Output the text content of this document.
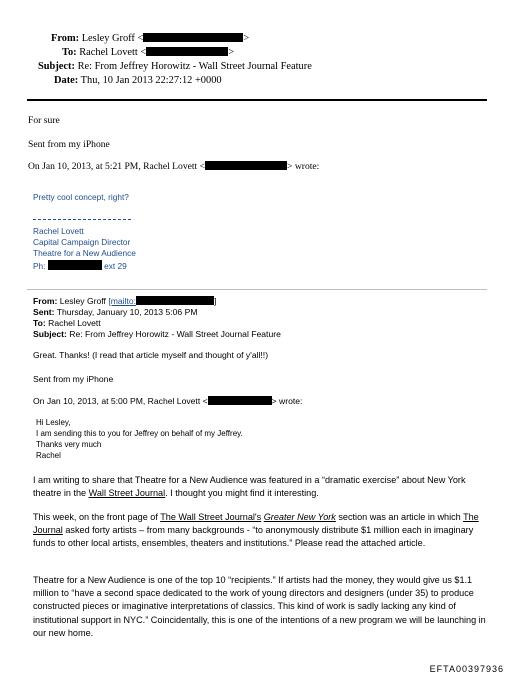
From: Lesley Groff <	>
To: Rachel Lovett <	>
Subject: Re: From Jeffrey Horowitz - Wall Street Journal Feature
Date: Thu, 10 Jan 2013 22:27:12 +0000
For sure
Sent from my iPhone
On Jan 10, 2013, at 5:21 PM, Rachel Lovett <	> wrote:
Pretty cool concept, right?
Rachel Lovett
Capital Campaign Director
Theatre for a New Audience
Ph:	ext 29
From: Lesley Groff [mailto:	]
Sent: Thursday, January 10, 2013 5:06 PM
To: Rachel Lovett
Subject: Re: From Jeffrey Horowitz - Wall Street Journal Feature
Great. Thanks! (I read that article myself and thought of y'all!!)
Sent from my iPhone
On Jan 10, 2013, at 5:00 PM, Rachel Lovett <	> wrote:
Hi Lesley,
I am sending this to you for Jeffrey on behalf of my Jeffrey.
Thanks very much
Rachel
I am writing to share that Theatre for a New Audience was featured in a “dramatic exercise” about New York theatre in the Wall Street Journal. I thought you might find it interesting.
This week, on the front page of The Wall Street Journal's Greater New York section was an article in which The Journal asked forty artists – from many backgrounds - “to anonymously distribute $1 million each in imaginary funds to other local artists, ensembles, theaters and institutions.” Please read the attached article.
Theatre for a New Audience is one of the top 10 “recipients.” If artists had the money, they would give us $1.1 million to “have a second space dedicated to the work of young directors and designers (under 35) to produce constructed pieces or imaginative interpretations of classics. This kind of work is sadly lacking any kind of institutional support in NYC.” Coincidentally, this is one of the intentions of a new program we will be launching in our new home.
EFTA00397936
